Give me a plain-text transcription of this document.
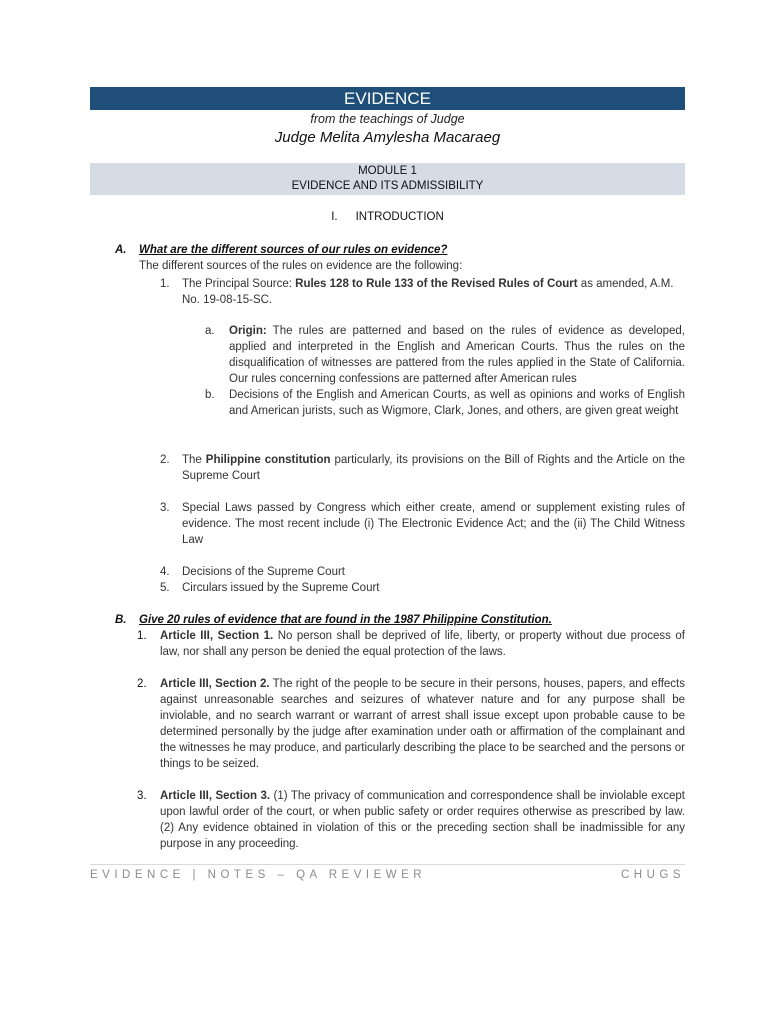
EVIDENCE
from the teachings of Judge
Judge Melita Amylesha Macaraeg
MODULE 1
EVIDENCE AND ITS ADMISSIBILITY
I. INTRODUCTION
A. What are the different sources of our rules on evidence?
The different sources of the rules on evidence are the following:
1. The Principal Source: Rules 128 to Rule 133 of the Revised Rules of Court as amended, A.M.
No. 19-08-15-SC.
a. Origin: The rules are patterned and based on the rules of evidence as developed, applied and interpreted in the English and American Courts. Thus the rules on the disqualification of witnesses are pattered from the rules applied in the State of California. Our rules concerning confessions are patterned after American rules
b. Decisions of the English and American Courts, as well as opinions and works of English and American jurists, such as Wigmore, Clark, Jones, and others, are given great weight
2. The Philippine constitution particularly, its provisions on the Bill of Rights and the Article on the Supreme Court
3. Special Laws passed by Congress which either create, amend or supplement existing rules of evidence. The most recent include (i) The Electronic Evidence Act; and the (ii) The Child Witness Law
4. Decisions of the Supreme Court
5. Circulars issued by the Supreme Court
B. Give 20 rules of evidence that are found in the 1987 Philippine Constitution.
1. Article III, Section 1. No person shall be deprived of life, liberty, or property without due process of law, nor shall any person be denied the equal protection of the laws.
2. Article III, Section 2. The right of the people to be secure in their persons, houses, papers, and effects against unreasonable searches and seizures of whatever nature and for any purpose shall be inviolable, and no search warrant or warrant of arrest shall issue except upon probable cause to be determined personally by the judge after examination under oath or affirmation of the complainant and the witnesses he may produce, and particularly describing the place to be searched and the persons or things to be seized.
3. Article III, Section 3. (1) The privacy of communication and correspondence shall be inviolable except upon lawful order of the court, or when public safety or order requires otherwise as prescribed by law. (2) Any evidence obtained in violation of this or the preceding section shall be inadmissible for any purpose in any proceeding.
EVIDENCE | NOTES – QA REVIEWER	CHUGS
